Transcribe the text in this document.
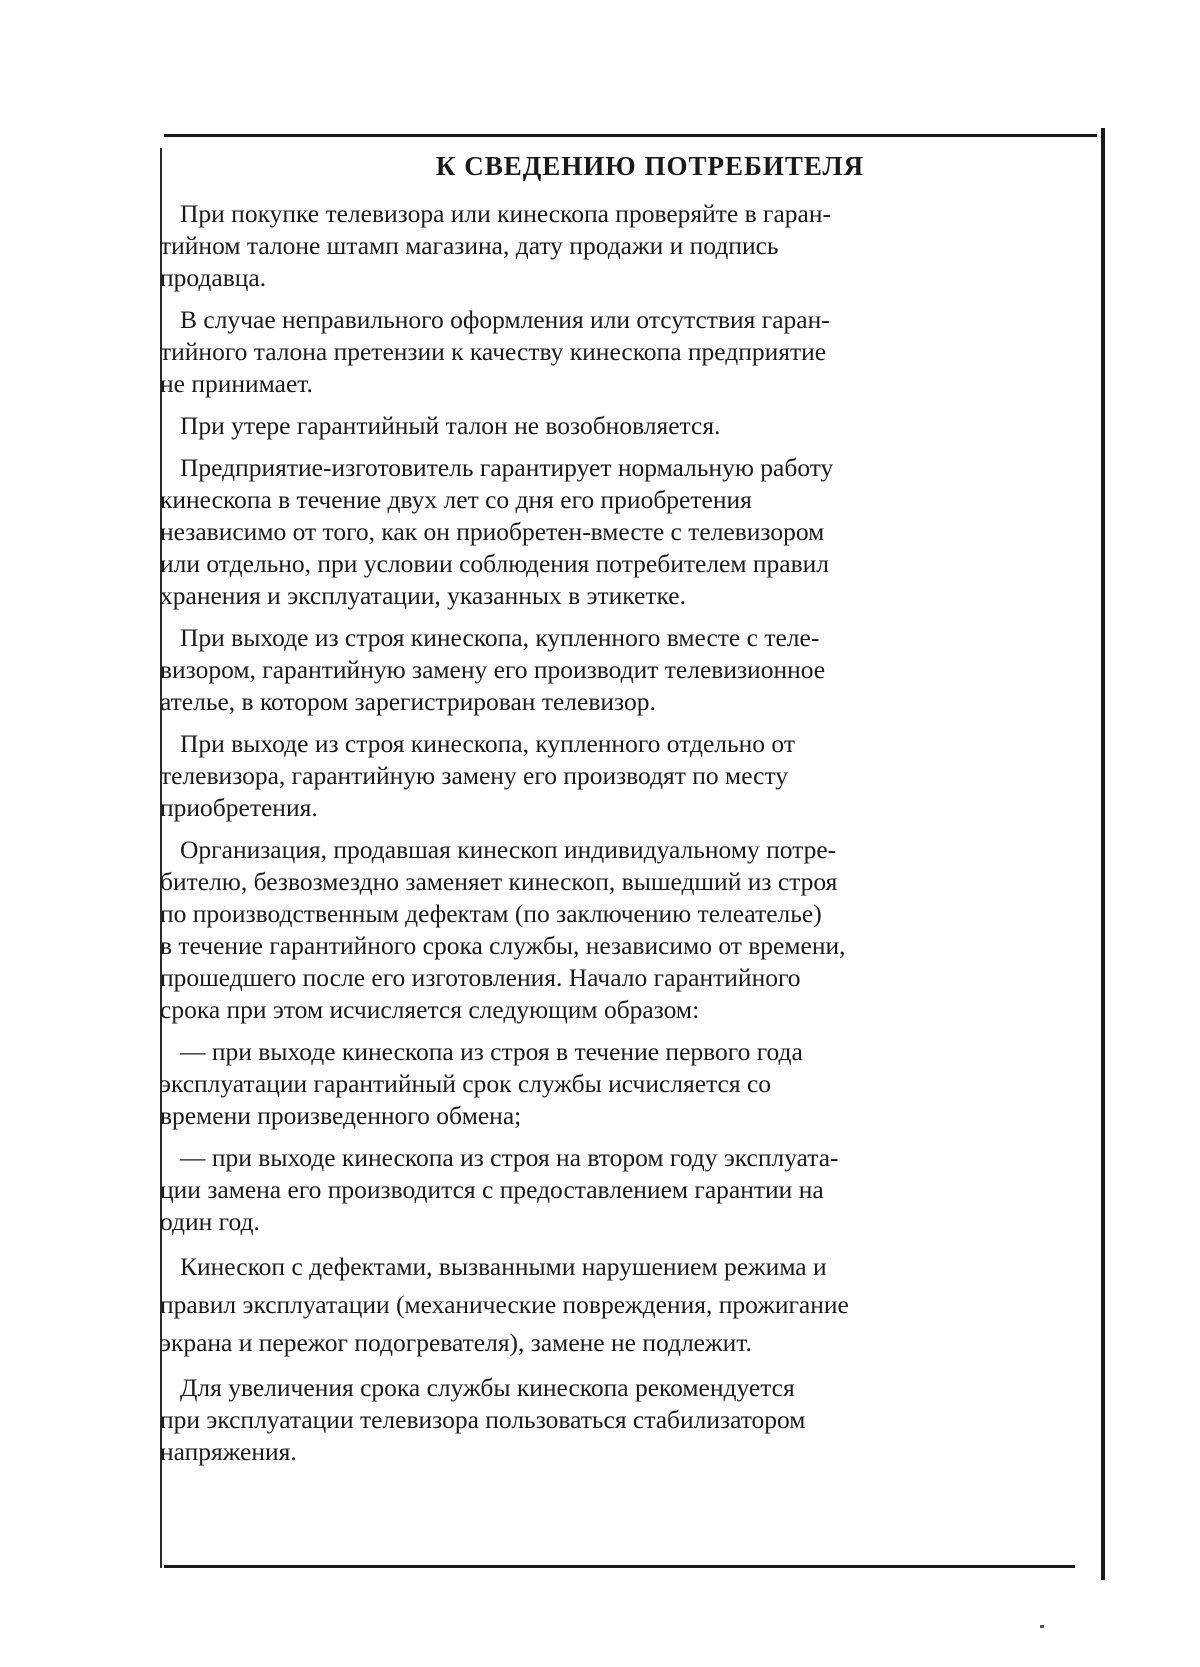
К СВЕДЕНИЮ ПОТРЕБИТЕЛЯ

При покупке телевизора или кинескопа проверяйте в гаран-
тийном талоне штамп магазина, дату продажи и подпись
продавца.

В случае неправильного оформления или отсутствия гаран-
тийного талона претензии к качеству кинескопа предприятие
не принимает.

При утере гарантийный талон не возобновляется.

Предприятие-изготовитель гарантирует нормальную работу
кинескопа в течение двух лет со дня его приобретения
независимо от того, как он приобретен-вместе с телевизором
или отдельно, при условии соблюдения потребителем правил
хранения и эксплуатации, указанных в этикетке.

При выходе из строя кинескопа, купленного вместе с теле-
визором, гарантийную замену его производит телевизионное
ателье, в котором зарегистрирован телевизор.

При выходе из строя кинескопа, купленного отдельно от
телевизора, гарантийную замену его производят по месту
приобретения.

Организация, продавшая кинескоп индивидуальному потре-
бителю, безвозмездно заменяет кинескоп, вышедший из строя
по производственным дефектам (по заключению телеателье)
в течение гарантийного срока службы, независимо от времени,
прошедшего после его изготовления. Начало гарантийного
срока при этом исчисляется следующим образом:

— при выходе кинескопа из строя в течение первого года
эксплуатации гарантийный срок службы исчисляется со
времени произведенного обмена;

— при выходе кинескопа из строя на втором году эксплуата-
ции замена его производится с предоставлением гарантии на
один год.

Кинескоп с дефектами, вызванными нарушением режима и
правил эксплуатации (механические повреждения, прожигание
экрана и пережог подогревателя), замене не подлежит.

Для увеличения срока службы кинескопа рекомендуется
при эксплуатации телевизора пользоваться стабилизатором
напряжения.
